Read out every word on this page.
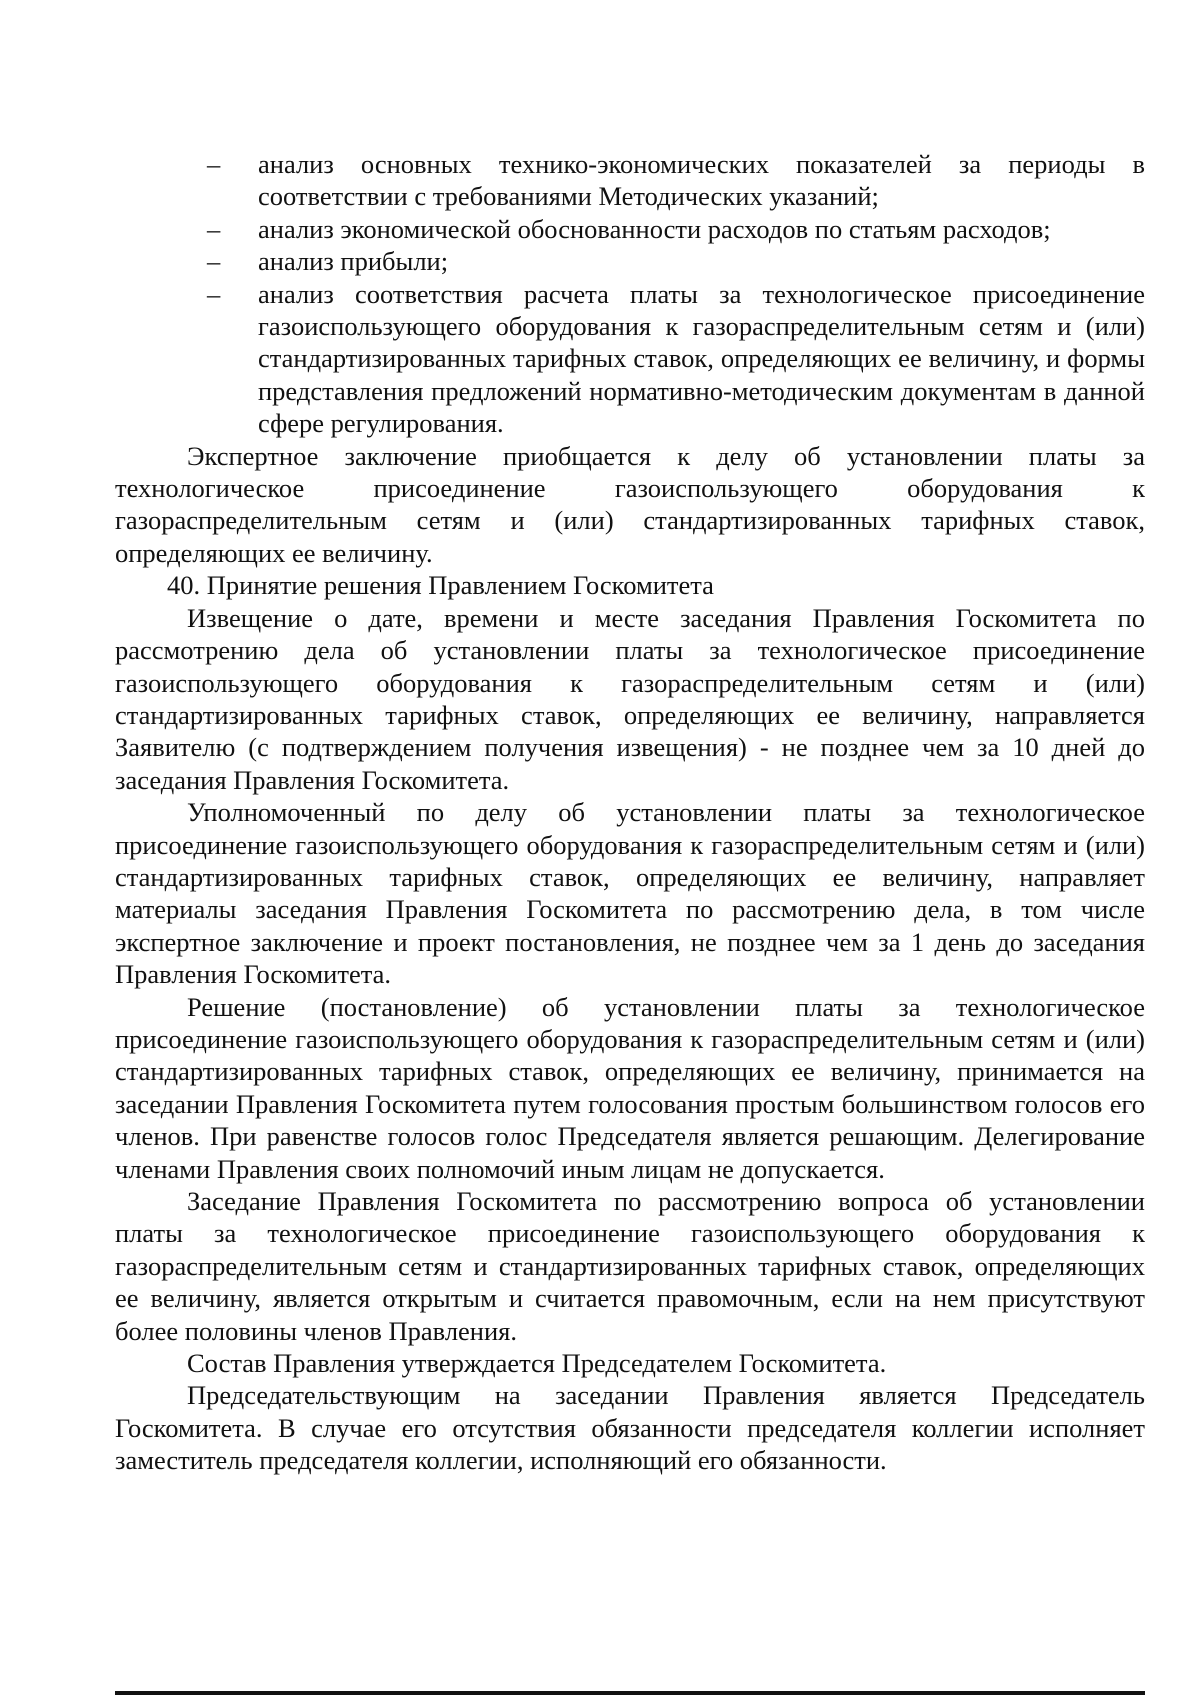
– анализ основных технико-экономических показателей за периоды в соответствии с требованиями Методических указаний;
– анализ экономической обоснованности расходов по статьям расходов;
– анализ прибыли;
– анализ соответствия расчета платы за технологическое присоединение газоиспользующего оборудования к газораспределительным сетям и (или) стандартизированных тарифных ставок, определяющих ее величину, и формы представления предложений нормативно-методическим документам в данной сфере регулирования.

Экспертное заключение приобщается к делу об установлении платы за технологическое присоединение газоиспользующего оборудования к газораспределительным сетям и (или) стандартизированных тарифных ставок, определяющих ее величину.

40. Принятие решения Правлением Госкомитета

Извещение о дате, времени и месте заседания Правления Госкомитета по рассмотрению дела об установлении платы за технологическое присоединение газоиспользующего оборудования к газораспределительным сетям и (или) стандартизированных тарифных ставок, определяющих ее величину, направляется Заявителю (с подтверждением получения извещения) - не позднее чем за 10 дней до заседания Правления Госкомитета.

Уполномоченный по делу об установлении платы за технологическое присоединение газоиспользующего оборудования к газораспределительным сетям и (или) стандартизированных тарифных ставок, определяющих ее величину, направляет материалы заседания Правления Госкомитета по рассмотрению дела, в том числе экспертное заключение и проект постановления, не позднее чем за 1 день до заседания Правления Госкомитета.

Решение (постановление) об установлении платы за технологическое присоединение газоиспользующего оборудования к газораспределительным сетям и (или) стандартизированных тарифных ставок, определяющих ее величину, принимается на заседании Правления Госкомитета путем голосования простым большинством голосов его членов. При равенстве голосов голос Председателя является решающим. Делегирование членами Правления своих полномочий иным лицам не допускается.

Заседание Правления Госкомитета по рассмотрению вопроса об установлении платы за технологическое присоединение газоиспользующего оборудования к газораспределительным сетям и стандартизированных тарифных ставок, определяющих ее величину, является открытым и считается правомочным, если на нем присутствуют более половины членов Правления.

Состав Правления утверждается Председателем Госкомитета.

Председательствующим на заседании Правления является Председатель Госкомитета. В случае его отсутствия обязанности председателя коллегии исполняет заместитель председателя коллегии, исполняющий его обязанности.
